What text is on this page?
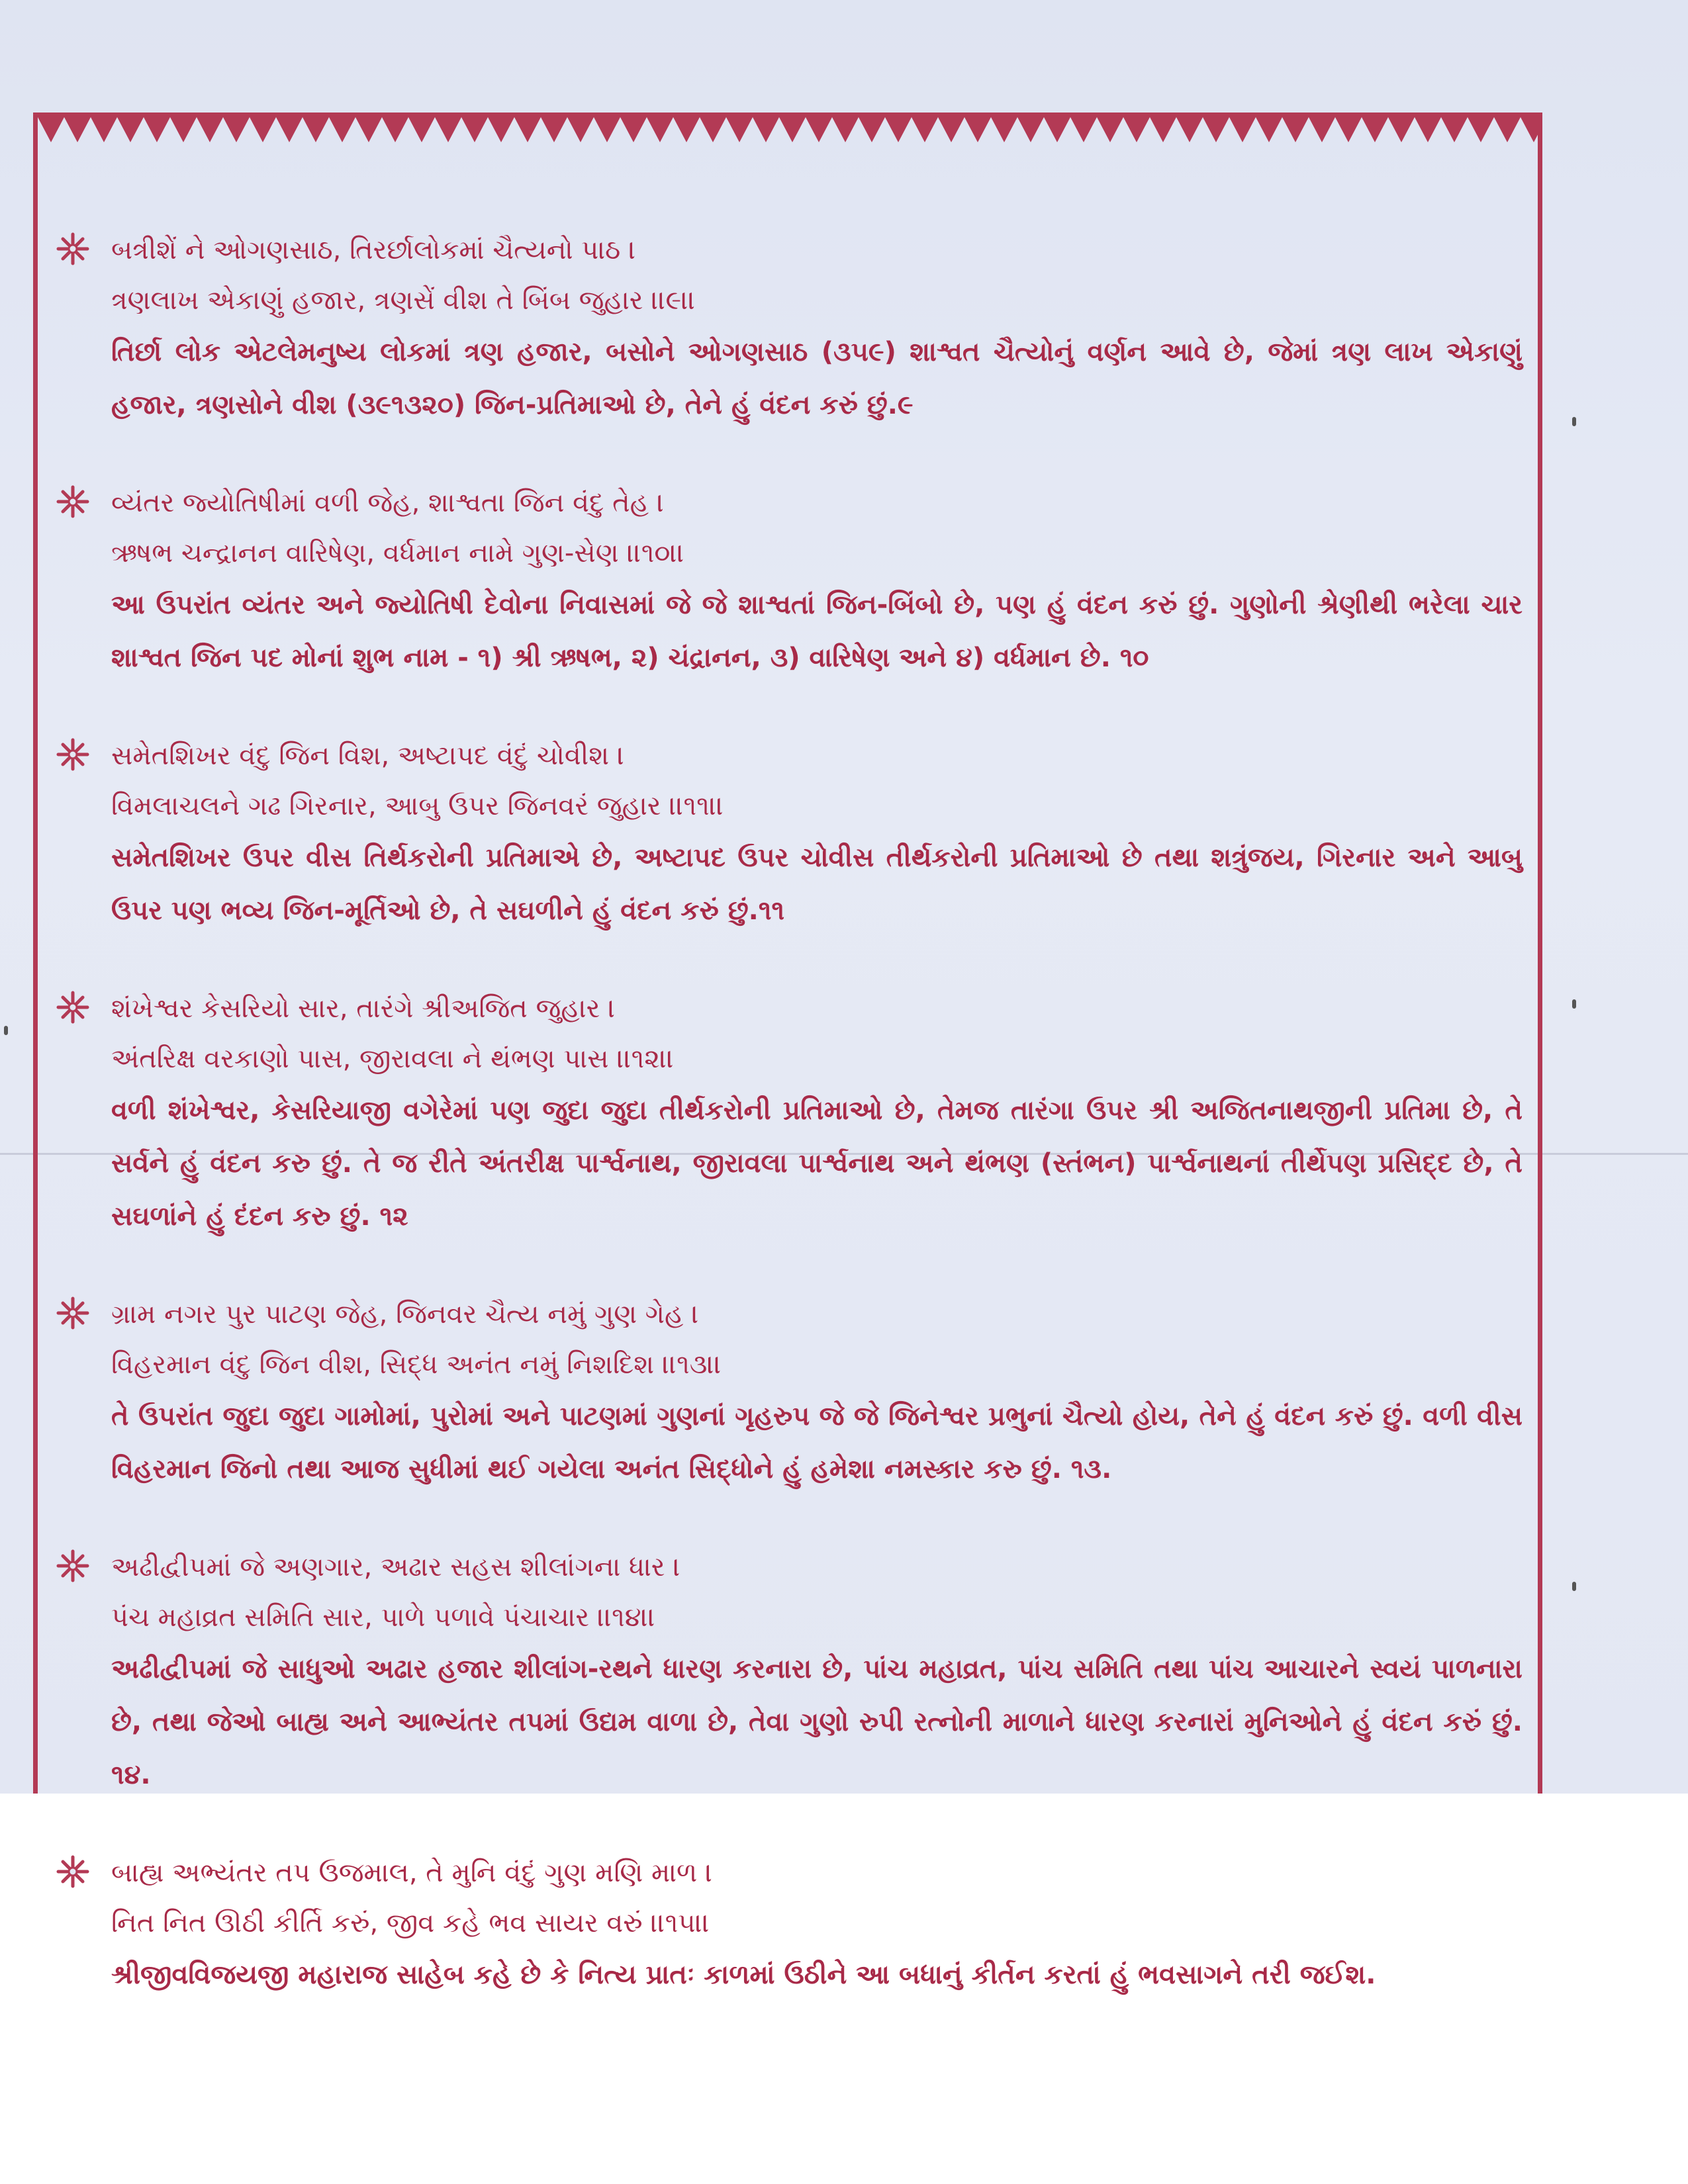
બત્રીશેં ને ઓગણસાઠ, તિરર્છાલોકમાં ચૈત્યનો પાઠ ।
ત્રણલાખ એકાણું હજાર, ત્રણસેં વીશ તે બિંબ જુહાર ।।૯।।
તિર્છા લોક એટલેમનુષ્ય લોકમાં ત્રણ હજાર, બસોને ઓગણસાઠ (૩૫૯) શાશ્વત ચૈત્યોનું વર્ણન આવે છે, જેમાં ત્રણ લાખ એકાણું હજાર, ત્રણસોને વીશ (૩૯૧૩૨૦) જિન-પ્રતિમાઓ છે, તેને હું વંદન કરું છું.૯
વ્યંતર જ્યોતિષીમાં વળી જેહ, શાશ્વતા જિન વંદુ તેહ ।
ઋષભ ચન્દ્રાનન વારિષેણ, વર્ધમાન નામે ગુણ-સેણ ।।૧૦।।
આ ઉપરાંત વ્યંતર અને જ્યોતિષી દેવોના નિવાસમાં જે જે શાશ્વતાં જિન-બિંબો છે, પણ હું વંદન કરું છું. ગુણોની શ્રેણીથી ભરેલા ચાર શાશ્વત જિન પદ મોનાં શુભ નામ - ૧) શ્રી ઋષભ, ૨) ચંદ્રાનન, ૩) વારિષેણ અને ૪) વર્ધમાન છે. ૧૦
સમેતશિખર વંદુ જિન વિશ, અષ્ટાપદ વંદું ચોવીશ ।
વિમલાચલને ગઢ ગિરનાર, આબુ ઉપર જિનવરં જુહાર ।।૧૧।।
સમેતશિખર ઉપર વીસ તિર્થકરોની પ્રતિમાએ છે, અષ્ટાપદ ઉપર ચોવીસ તીર્થકરોની પ્રતિમાઓ છે તથા શત્રુંજય, ગિરનાર અને આબુ ઉપર પણ ભવ્ય જિન-મૂર્તિઓ છે, તે સઘળીને હું વંદન કરું છું.૧૧
શંખેશ્વર કેસરિયો સાર, તારંગે શ્રીઅજિત જુહાર ।
અંતરિક્ષ વરકાણો પાસ, જીરાવલા ને થંભણ પાસ ।।૧૨।।
વળી શંખેશ્વર, કેસરિયાજી વગેરેમાં પણ જુદા જુદા તીર્થકરોની પ્રતિમાઓ છે, તેમજ તારંગા ઉપર શ્રી અજિતનાથજીની પ્રતિમા છે, તે સર્વને હું વંદન કરુ છું. તે જ રીતે અંતરીક્ષ પાર્શ્વનાથ, જીરાવલા પાર્શ્વનાથ અને થંભણ (સ્તંભન) પાર્શ્વનાથનાં તીર્થેપણ પ્રસિદ્દ છે, તે સઘળાંને હું દંદન કરુ છું. ૧૨
ગ્રામ નગર પુર પાટણ જેહ, જિનવર ચૈત્ય નમું ગુણ ગેહ ।
વિહરમાન વંદુ જિન વીશ, સિદ્ધ અનંત નમું નિશદિશ ।।૧૩।।
તે ઉપરાંત જુદા જુદા ગામોમાં, પુરોમાં અને પાટણમાં ગુણનાં ગૃહરુપ જે જે જિનેશ્વર પ્રભુનાં ચૈત્યો હોય, તેને હું વંદન કરું છું. વળી વીસ વિહરમાન જિનો તથા આજ સુધીમાં થઈ ગયેલા અનંત સિદ્ધોને હું હમેશા નમસ્કાર કરુ છું. ૧૩.
અઢીદ્વીપમાં જે અણગાર, અઢાર સહસ શીલાંગના ધાર ।
પંચ મહાવ્રત સમિતિ સાર, પાળે પળાવે પંચાચાર ।।૧૪।।
અઢીદ્વીપમાં જે સાધુઓ અઢાર હજાર શીલાંગ-રથને ધારણ કરનારા છે, પાંચ મહાવ્રત, પાંચ સમિતિ તથા પાંચ આચારને સ્વયં પાળનારા છે, તથા જેઓ બાહ્ય અને આભ્યંતર તપમાં ઉદ્યમ વાળા છે, તેવા ગુણો રુપી રત્નોની માળાને ધારણ કરનારાં મુનિઓને હું વંદન કરું છું. ૧૪.
બાહ્ય અભ્યંતર તપ ઉજમાલ, તે મુનિ વંદું ગુણ મણિ માળ ।
નિત નિત ઊઠી કીર્તિ કરું, જીવ કહે ભવ સાયર વરું ।।૧૫।।
શ્રીજીવવિજયજી મહારાજ સાહેબ કહે છે કે નિત્ય પ્રાતઃ કાળમાં ઉઠીને આ બધાનું કીર્તન કરતાં હું ભવસાગને તરી જઈશ.
